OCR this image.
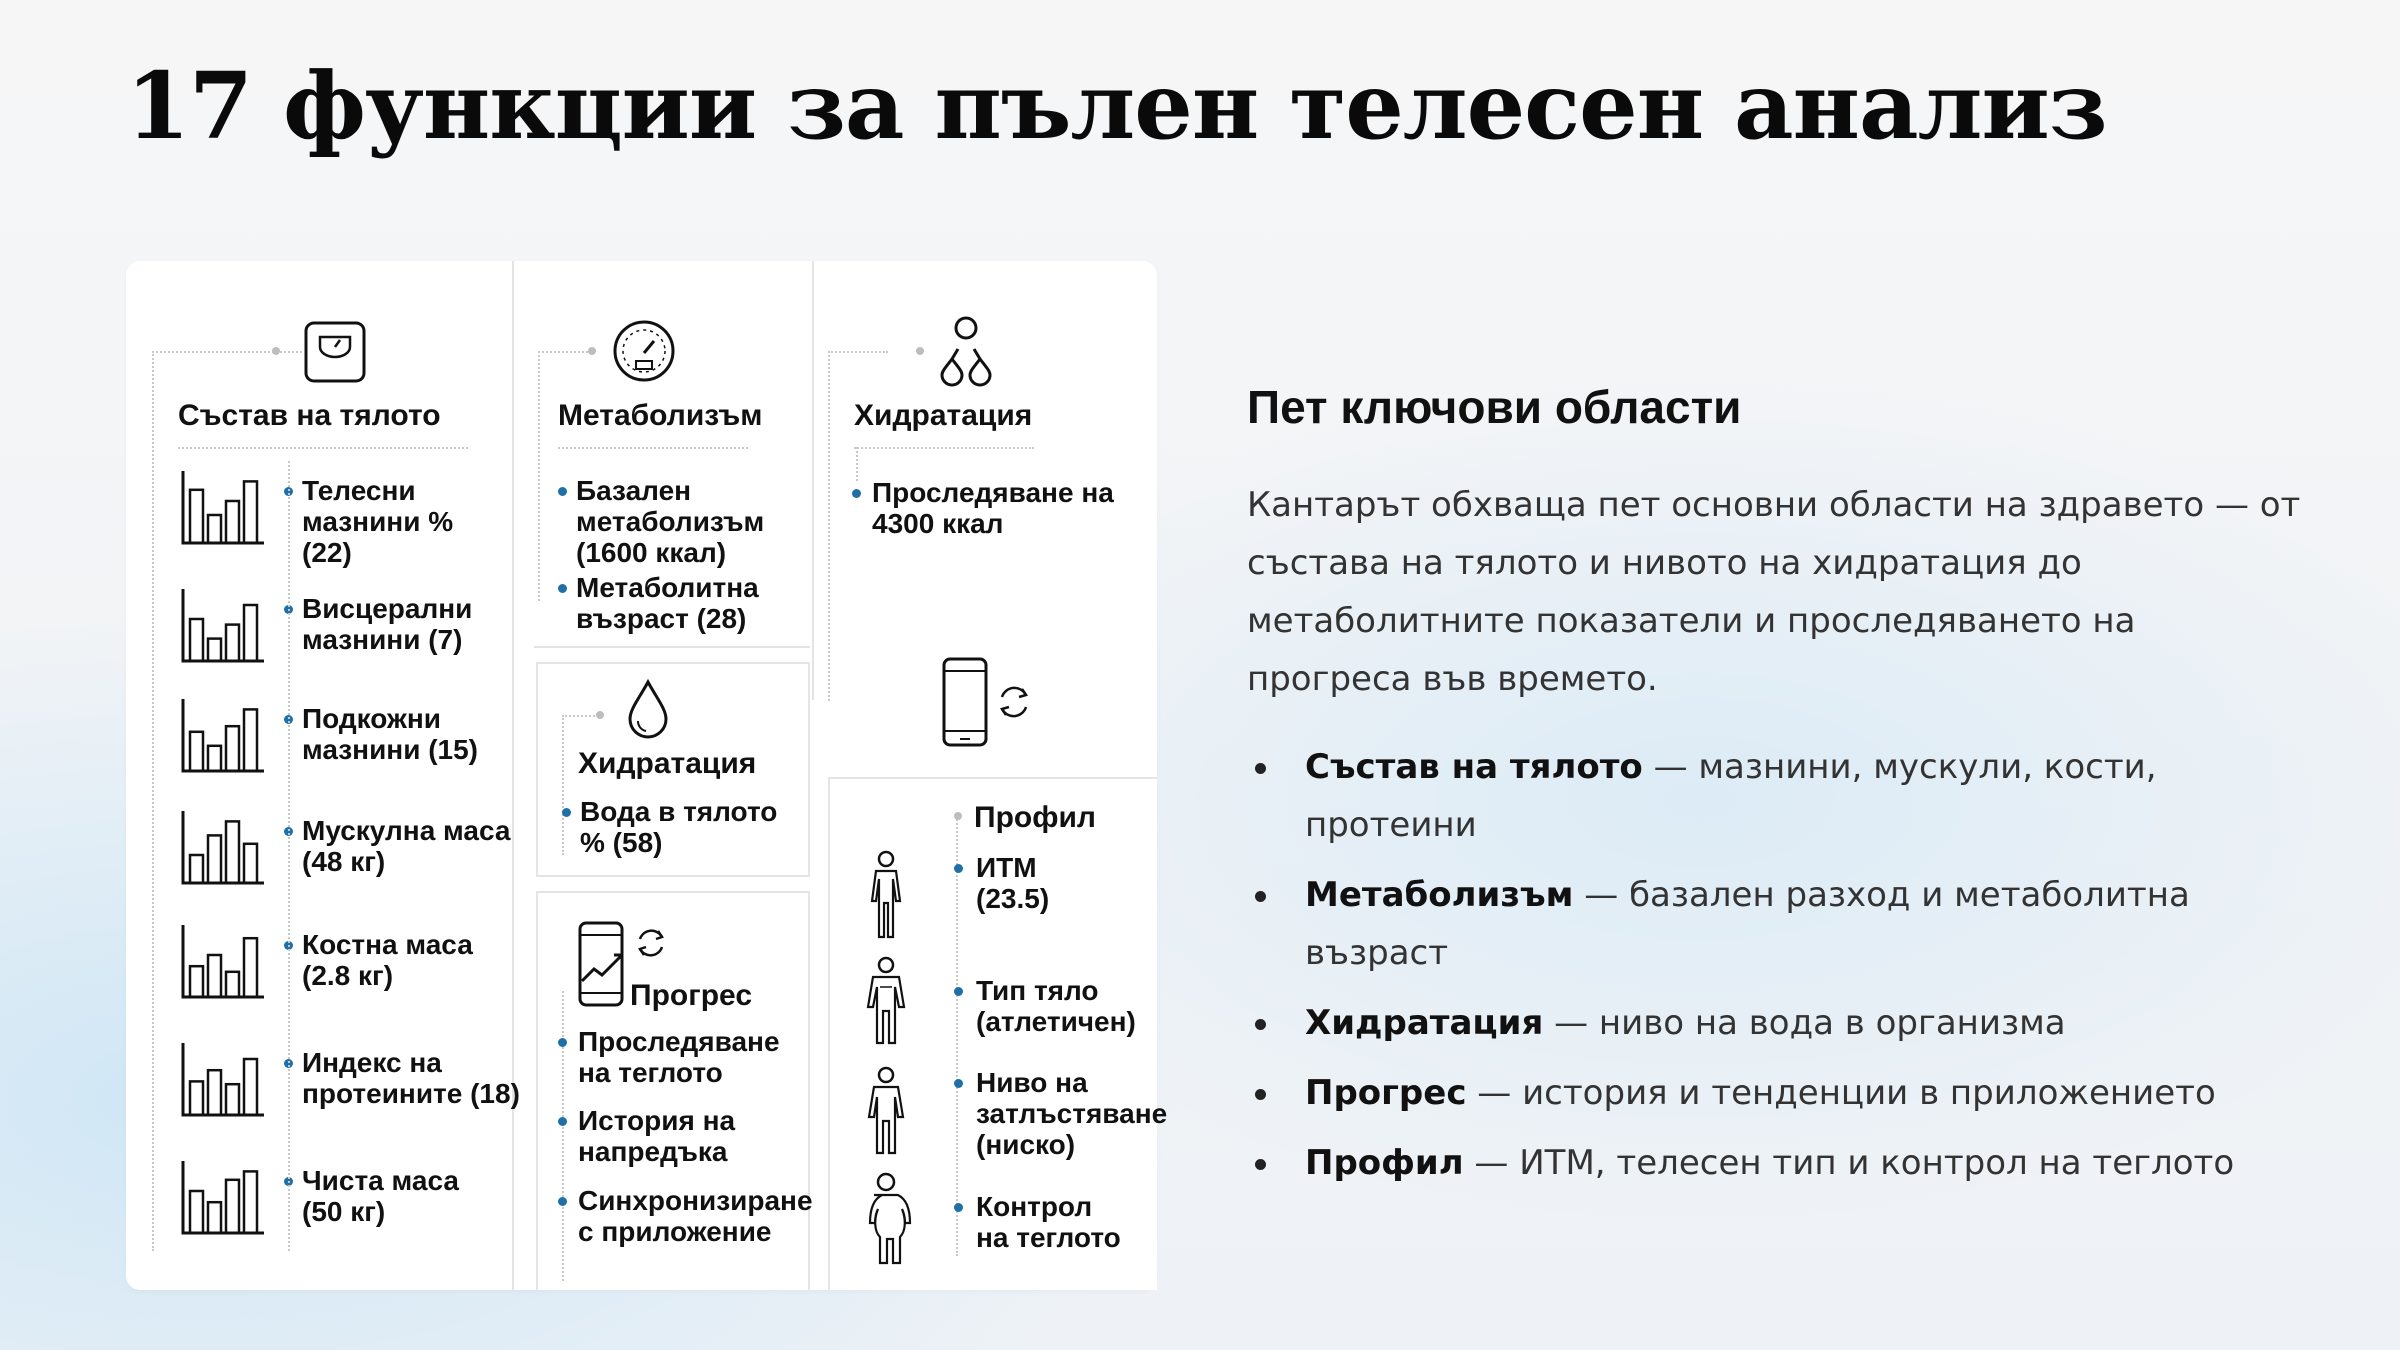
17 функции за пълен телесен анализ
Състав на тялото
Телесни
мазнини %
(22)
Висцерални
мазнини (7)
Подкожни
мазнини (15)
Мускулна маса
(48 кг)
Костна маса
(2.8 кг)
Индекс на
протеините (18)
Чиста маса
(50 кг)
Метаболизъм
Базален
метаболизъм
(1600 ккал)
Метаболитна
възраст (28)
Хидратация
Вода в тялото
% (58)
Прогрес
Проследяване
на теглото
История на
напредъка
Синхронизиране
с приложение
Хидратация
Проследяване на
4300 ккал
Профил
ИТМ
(23.5)
Тип тяло
(атлетичен)
Ниво на
затлъстяване
(ниско)
Контрол
на теглото
Пет ключови области
Кантарът обхваща пет основни области на здравето — от състава на тялото и нивото на хидратация до метаболитните показатели и проследяването на прогреса във времето.
Състав на тялото — мазнини, мускули, кости, протеини
Метаболизъм — базален разход и метаболитна възраст
Хидратация — ниво на вода в организма
Прогрес — история и тенденции в приложението
Профил — ИТМ, телесен тип и контрол на теглото
